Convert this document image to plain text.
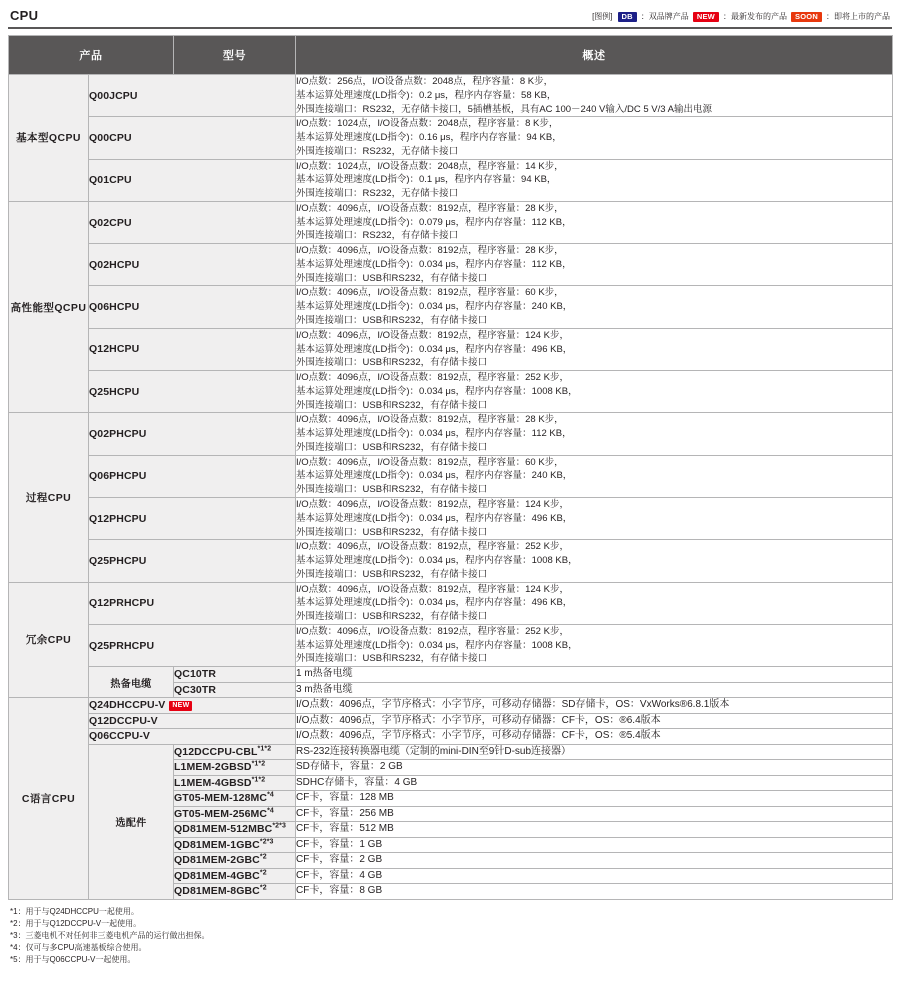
CPU	[图例]	DB	：双品牌产品	NEW	：最新发布的产品	SOON	：即将上市的产品
产品		型号	概述
基本型QCPU	Q00JCPU		I/O点数：256点，I/O设备点数：2048点，程序容量：8 K步，
基本运算处理速度(LD指令)：0.2 μs，程序内存容量：58 KB，
外围连接端口：RS232，无存储卡接口，5插槽基板，具有AC 100－240 V输入/DC 5 V/3 A输出电源

	Q00CPU		I/O点数：1024点，I/O设备点数：2048点，程序容量：8 K步，
基本运算处理速度(LD指令)：0.16 μs，程序内存容量：94 KB，
外围连接端口：RS232，无存储卡接口

	Q01CPU		I/O点数：1024点，I/O设备点数：2048点，程序容量：14 K步，
基本运算处理速度(LD指令)：0.1 μs，程序内存容量：94 KB，
外围连接端口：RS232，无存储卡接口

高性能型QCPU	Q02CPU		I/O点数：4096点，I/O设备点数：8192点，程序容量：28 K步，
基本运算处理速度(LD指令)：0.079 μs，程序内存容量：112 KB，
外围连接端口：RS232，有存储卡接口

	Q02HCPU		I/O点数：4096点，I/O设备点数：8192点，程序容量：28 K步，
基本运算处理速度(LD指令)：0.034 μs，程序内存容量：112 KB，
外围连接端口：USB和RS232，有存储卡接口

	Q06HCPU		I/O点数：4096点，I/O设备点数：8192点，程序容量：60 K步，
基本运算处理速度(LD指令)：0.034 μs，程序内存容量：240 KB，
外围连接端口：USB和RS232，有存储卡接口

	Q12HCPU		I/O点数：4096点，I/O设备点数：8192点，程序容量：124 K步，
基本运算处理速度(LD指令)：0.034 μs，程序内存容量：496 KB，
外围连接端口：USB和RS232，有存储卡接口

	Q25HCPU		I/O点数：4096点，I/O设备点数：8192点，程序容量：252 K步，
基本运算处理速度(LD指令)：0.034 μs，程序内存容量：1008 KB，
外围连接端口：USB和RS232，有存储卡接口

过程CPU	Q02PHCPU		I/O点数：4096点，I/O设备点数：8192点，程序容量：28 K步，
基本运算处理速度(LD指令)：0.034 μs，程序内存容量：112 KB，
外围连接端口：USB和RS232，有存储卡接口

	Q06PHCPU		I/O点数：4096点，I/O设备点数：8192点，程序容量：60 K步，
基本运算处理速度(LD指令)：0.034 μs，程序内存容量：240 KB，
外围连接端口：USB和RS232，有存储卡接口

	Q12PHCPU		I/O点数：4096点，I/O设备点数：8192点，程序容量：124 K步，
基本运算处理速度(LD指令)：0.034 μs，程序内存容量：496 KB，
外围连接端口：USB和RS232，有存储卡接口

	Q25PHCPU		I/O点数：4096点，I/O设备点数：8192点，程序容量：252 K步，
基本运算处理速度(LD指令)：0.034 μs，程序内存容量：1008 KB，
外围连接端口：USB和RS232，有存储卡接口

冗余CPU	Q12PRHCPU		I/O点数：4096点，I/O设备点数：8192点，程序容量：124 K步，
基本运算处理速度(LD指令)：0.034 μs，程序内存容量：496 KB，
外围连接端口：USB和RS232，有存储卡接口

	Q25PRHCPU		I/O点数：4096点，I/O设备点数：8192点，程序容量：252 K步，
基本运算处理速度(LD指令)：0.034 μs，程序内存容量：1008 KB，
外围连接端口：USB和RS232，有存储卡接口

	热备电缆	QC10TR	1 m热备电缆

		QC30TR	3 m热备电缆

C语言CPU	Q24DHCCPU-V NEW		I/O点数：4096点，字节序格式：小字节序，可移动存储器：SD存储卡，OS：VxWorks®6.8.1版本

	Q12DCCPU-V		I/O点数：4096点，字节序格式：小字节序，可移动存储器：CF卡，OS：®6.4版本

	Q06CCPU-V		I/O点数：4096点，字节序格式：小字节序，可移动存储器：CF卡，OS：®5.4版本

	选配件	$Q12DCCPU-CBL^{*1*2}$	RS-232连接转换器电缆（定制的mini-DIN至9针D-sub连接器）

		$L1MEM-2GBSD^{*1*2}$	SD存储卡，容量：2 GB

		$L1MEM-4GBSD^{*1*2}$	SDHC存储卡，容量：4 GB

		GT05-MEM-128MC$^{*4}$	CF卡，容量：128 MB

		GT05-MEM-256MC$^{*4}$	CF卡，容量：256 MB

		$QD81MEM-512MBC^{*2*3}$	CF卡，容量：512 MB

		$QD81MEM-1GBC^{*2*3}$	CF卡，容量：1 GB

		QD81MEM-2GBC$^{*2}$	CF卡，容量：2 GB

		QD81MEM-4GBC$^{*2}$	CF卡，容量：4 GB

		QD81MEM-8GBC$^{*2}$	CF卡，容量：8 GB
*1：用于与Q24DHCCPU一起使用。
*2：用于与Q12DCCPU-V一起使用。
*3：三菱电机不对任何非三菱电机产品的运行做出担保。
*4：仅可与多CPU高速基板综合使用。
*5：用于与Q06CCPU-V一起使用。
